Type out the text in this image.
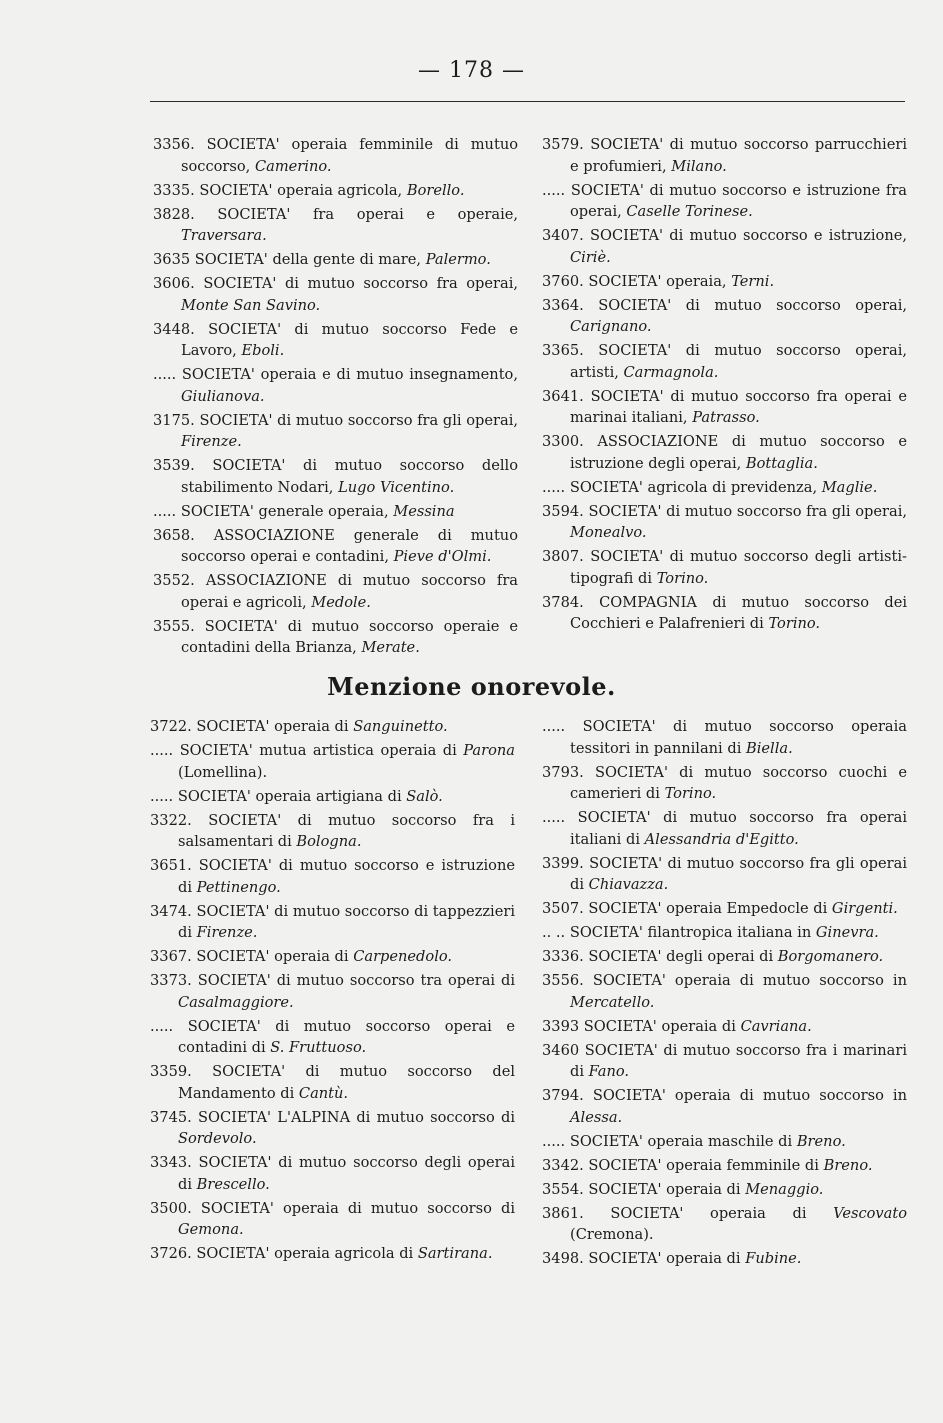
— 178 —

3356. SOCIETA' operaia femminile di mutuo soccorso, Camerino.

3335. SOCIETA' operaia agricola, Borello.

3828. SOCIETA' fra operai e operaie, Traversara.

3635 SOCIETA' della gente di mare, Palermo.

3606. SOCIETA' di mutuo soccorso fra operai, Monte San Savino.

3448. SOCIETA' di mutuo soccorso Fede e Lavoro, Eboli.

..... SOCIETA' operaia e di mutuo insegnamento, Giulianova.

3175. SOCIETA' di mutuo soccorso fra gli operai, Firenze.

3539. SOCIETA' di mutuo soccorso dello stabilimento Nodari, Lugo Vicentino.

..... SOCIETA' generale operaia, Messina

3658. ASSOCIAZIONE generale di mutuo soccorso operai e contadini, Pieve d'Olmi.

3552. ASSOCIAZIONE di mutuo soccorso fra operai e agricoli, Medole.

3555. SOCIETA' di mutuo soccorso operaie e contadini della Brianza, Merate.

3579. SOCIETA' di mutuo soccorso parrucchieri e profumieri, Milano.

..... SOCIETA' di mutuo soccorso e istruzione fra operai, Caselle Torinese.

3407. SOCIETA' di mutuo soccorso e istruzione, Ciriè.

3760. SOCIETA' operaia, Terni.

3364. SOCIETA' di mutuo soccorso operai, Carignano.

3365. SOCIETA' di mutuo soccorso operai, artisti, Carmagnola.

3641. SOCIETA' di mutuo soccorso fra operai e marinai italiani, Patrasso.

3300. ASSOCIAZIONE di mutuo soccorso e istruzione degli operai, Bottaglia.

..... SOCIETA' agricola di previdenza, Maglie.

3594. SOCIETA' di mutuo soccorso fra gli operai, Monealvo.

3807. SOCIETA' di mutuo soccorso degli artisti-tipografi di Torino.

3784. COMPAGNIA di mutuo soccorso dei Cocchieri e Palafrenieri di Torino.

Menzione onorevole.

3722. SOCIETA' operaia di Sanguinetto.

..... SOCIETA' mutua artistica operaia di Parona (Lomellina).

..... SOCIETA' operaia artigiana di Salò.

3322. SOCIETA' di mutuo soccorso fra i salsamentari di Bologna.

3651. SOCIETA' di mutuo soccorso e istruzione di Pettinengo.

3474. SOCIETA' di mutuo soccorso di tappezzieri di Firenze.

3367. SOCIETA' operaia di Carpenedolo.

3373. SOCIETA' di mutuo soccorso tra operai di Casalmaggiore.

..... SOCIETA' di mutuo soccorso operai e contadini di S. Fruttuoso.

3359. SOCIETA' di mutuo soccorso del Mandamento di Cantù.

3745. SOCIETA' L'ALPINA di mutuo soccorso di Sordevolo.

3343. SOCIETA' di mutuo soccorso degli operai di Brescello.

3500. SOCIETA' operaia di mutuo soccorso di Gemona.

3726. SOCIETA' operaia agricola di Sartirana.

..... SOCIETA' di mutuo soccorso operaia tessitori in pannilani di Biella.

3793. SOCIETA' di mutuo soccorso cuochi e camerieri di Torino.

..... SOCIETA' di mutuo soccorso fra operai italiani di Alessandria d'Egitto.

3399. SOCIETA' di mutuo soccorso fra gli operai di Chiavazza.

3507. SOCIETA' operaia Empedocle di Girgenti.

.. .. SOCIETA' filantropica italiana in Ginevra.

3336. SOCIETA' degli operai di Borgomanero.

3556. SOCIETA' operaia di mutuo soccorso in Mercatello.

3393 SOCIETA' operaia di Cavriana.

3460 SOCIETA' di mutuo soccorso fra i marinari di Fano.

3794. SOCIETA' operaia di mutuo soccorso in Alessa.

..... SOCIETA' operaia maschile di Breno.

3342. SOCIETA' operaia femminile di Breno.

3554. SOCIETA' operaia di Menaggio.

3861. SOCIETA' operaia di Vescovato (Cremona).

3498. SOCIETA' operaia di Fubine.
